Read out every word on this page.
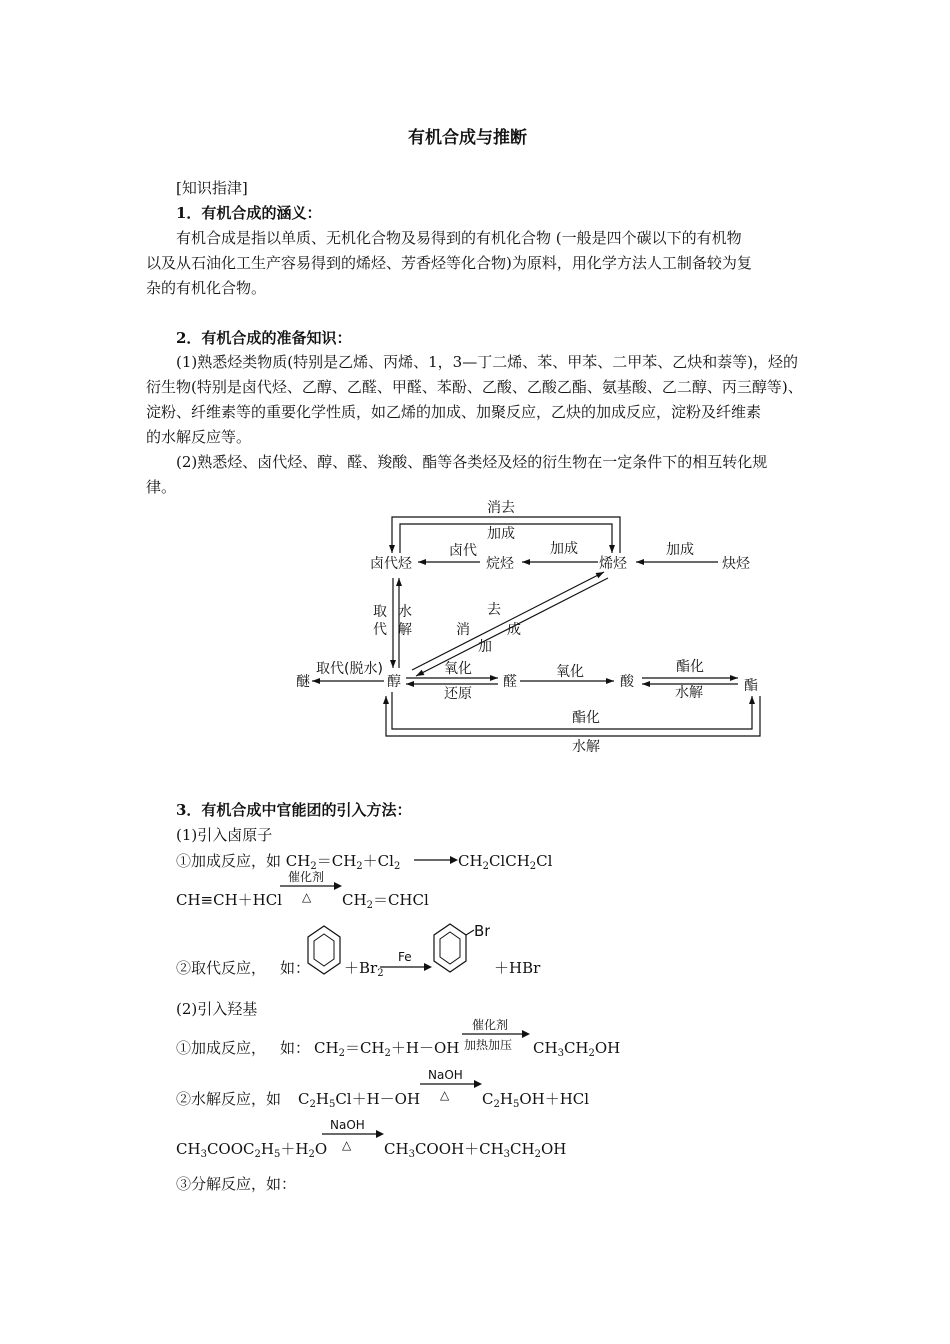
有机合成与推断
[知识指津]
1．有机合成的涵义：
有机合成是指以单质、无机化合物及易得到的有机化合物 (一般是四个碳以下的有机物
以及从石油化工生产容易得到的烯烃、芳香烃等化合物)为原料，用化学方法人工制备较为复
杂的有机化合物。
2．有机合成的准备知识：
(1)熟悉烃类物质(特别是乙烯、丙烯、1，3—丁二烯、苯、甲苯、二甲苯、乙炔和萘等)，烃的
衍生物(特别是卤代烃、乙醇、乙醛、甲醛、苯酚、乙酸、乙酸乙酯、氨基酸、乙二醇、丙三醇等)、
淀粉、纤维素等的重要化学性质，如乙烯的加成、加聚反应，乙炔的加成反应，淀粉及纤维素
的水解反应等。
(2)熟悉烃、卤代烃、醇、醛、羧酸、酯等各类烃及烃的衍生物在一定条件下的相互转化规
律。
卤代烃	烷烃	烯烃	炔烃
醚	醇	醛	酸	酯
消去
加成
卤代	加成	加成
取
代
水
解
去
消	成
加
取代(脱水)	氧化
还原
氧化	酯化
水解
酯化
水解
3．有机合成中官能团的引入方法：
(1)引入卤原子
①加成反应，如 $CH_2=CH_2+Cl_2$ → $CH_2ClCH_2Cl$
CH≡CH＋HCl
催化剂
△ $CH_2=CHCl$
②取代反应， 如： $+Br_2$
Fe
Br
＋HBr
(2)引入羟基
①加成反应， 如： $CH_2=CH_2+H-OH$
催化剂
加热加压 $CH_3CH_2OH$
②水解反应，如 $C_2H_5Cl+H-OH$
NaOH
△ $C_2H_5OH+HCl$
$CH_3COOC_2H_5+H_2O$
NaOH
△ $CH_3COOH+CH_3CH_2OH$
③分解反应，如：
